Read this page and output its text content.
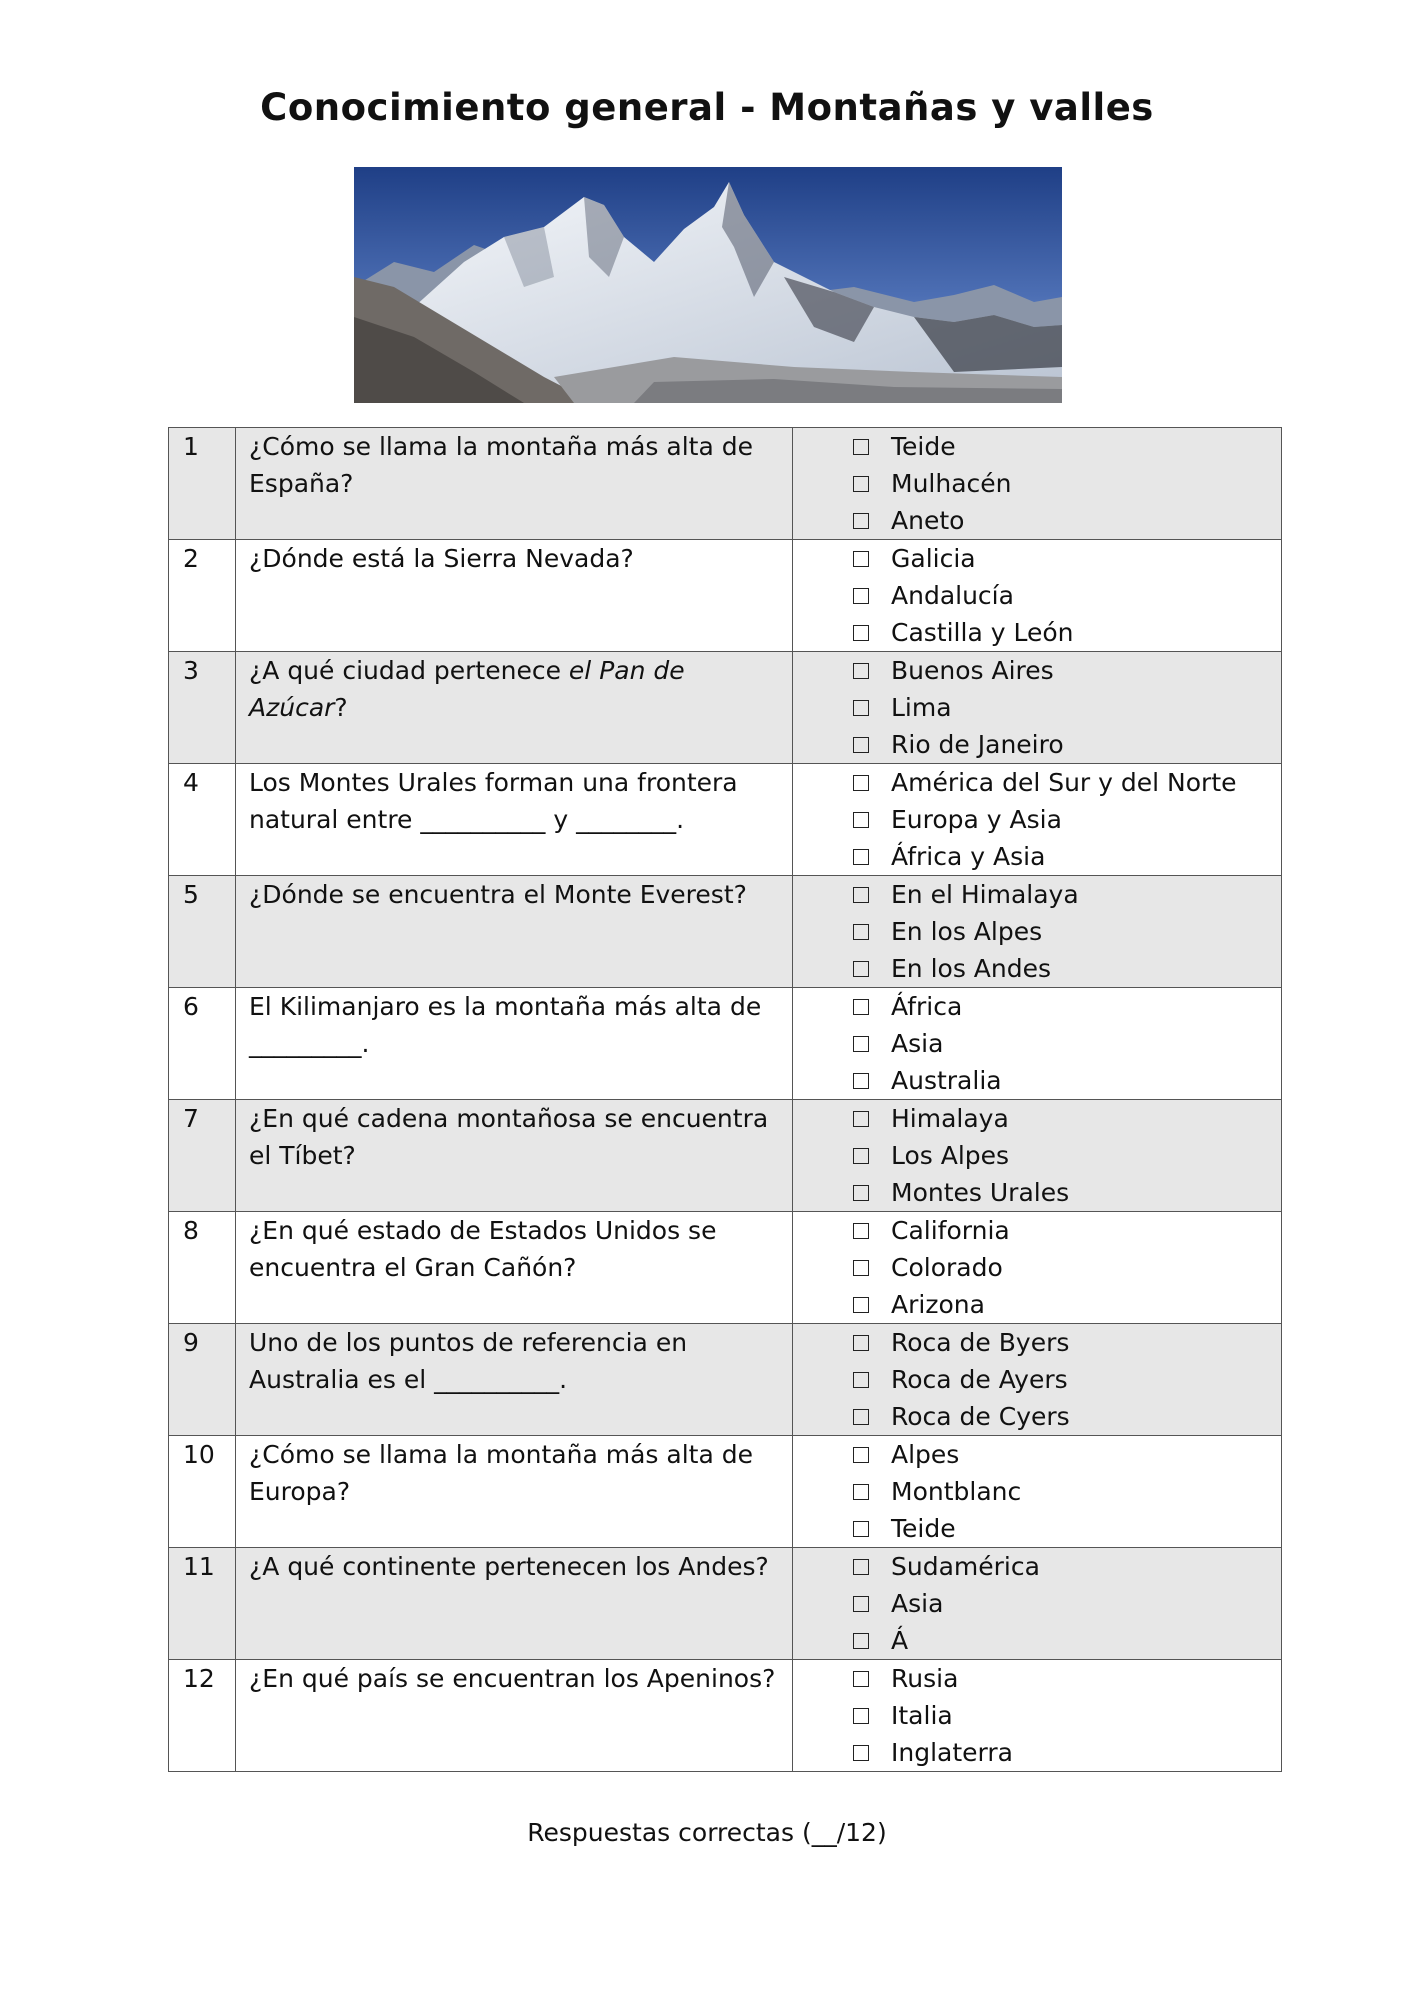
Conocimiento general - Montañas y valles
1	¿Cómo se llama la montaña más alta de España?	Teide
Mulhacén
Aneto

2	¿Dónde está la Sierra Nevada?	Galicia
Andalucía
Castilla y León

3	¿A qué ciudad pertenece el Pan de Azúcar?	Buenos Aires
Lima
Rio de Janeiro

4	Los Montes Urales forman una frontera natural entre __________ y ________.	América del Sur y del Norte
Europa y Asia
África y Asia

5	¿Dónde se encuentra el Monte Everest?	En el Himalaya
En los Alpes
En los Andes

6	El Kilimanjaro es la montaña más alta de _________.	África
Asia
Australia

7	¿En qué cadena montañosa se encuentra el Tíbet?	Himalaya
Los Alpes
Montes Urales

8	¿En qué estado de Estados Unidos se encuentra el Gran Cañón?	California
Colorado
Arizona

9	Uno de los puntos de referencia en Australia es el __________.	Roca de Byers
Roca de Ayers
Roca de Cyers

10	¿Cómo se llama la montaña más alta de Europa?	Alpes
Montblanc
Teide

11	¿A qué continente pertenecen los Andes?	Sudamérica
Asia
Á

12	¿En qué país se encuentran los Apeninos?	Rusia
Italia
Inglaterra
Respuestas correctas (__/12)
